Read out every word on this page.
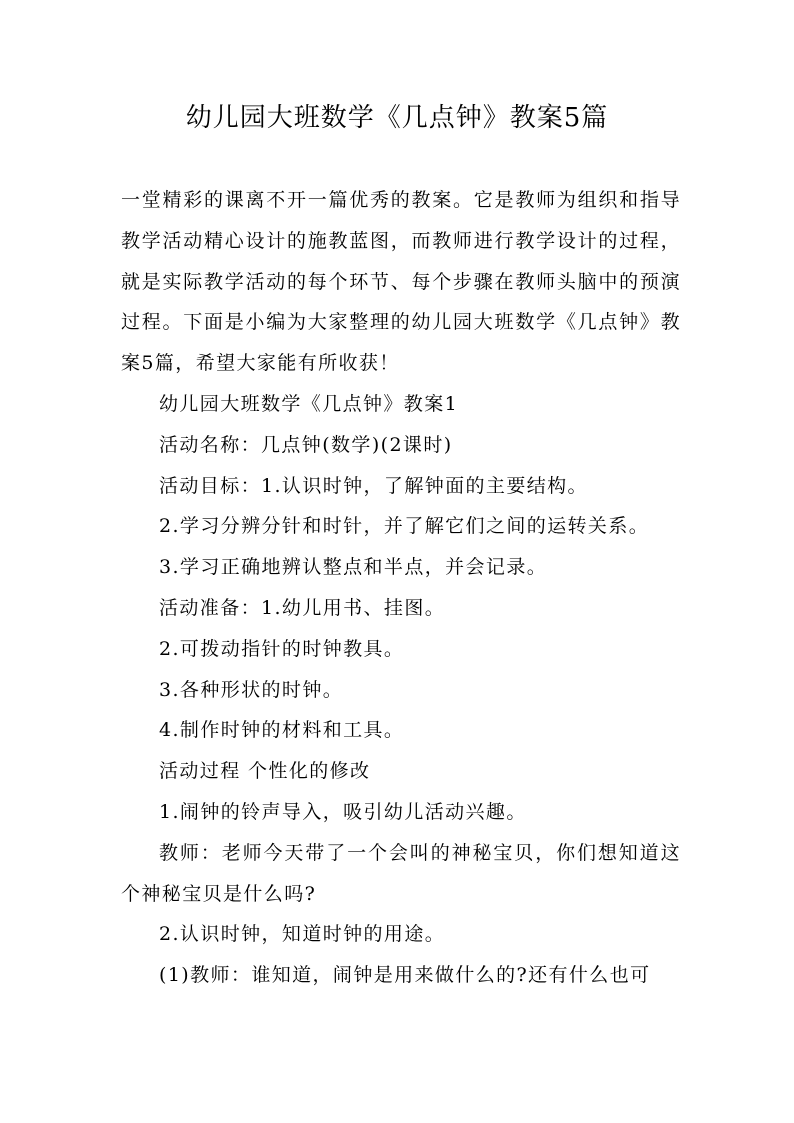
幼儿园大班数学《几点钟》教案5篇

一堂精彩的课离不开一篇优秀的教案。它是教师为组织和指导教学活动精心设计的施教蓝图，而教师进行教学设计的过程，就是实际教学活动的每个环节、每个步骤在教师头脑中的预演过程。下面是小编为大家整理的幼儿园大班数学《几点钟》教案5篇，希望大家能有所收获！

幼儿园大班数学《几点钟》教案1

活动名称：几点钟(数学)(2课时)

活动目标：1.认识时钟，了解钟面的主要结构。

2.学习分辨分针和时针，并了解它们之间的运转关系。

3.学习正确地辨认整点和半点，并会记录。

活动准备：1.幼儿用书、挂图。

2.可拨动指针的时钟教具。

3.各种形状的时钟。

4.制作时钟的材料和工具。

活动过程 个性化的修改

1.闹钟的铃声导入，吸引幼儿活动兴趣。

教师：老师今天带了一个会叫的神秘宝贝，你们想知道这个神秘宝贝是什么吗?

2.认识时钟，知道时钟的用途。

(1)教师：谁知道，闹钟是用来做什么的?还有什么也可
